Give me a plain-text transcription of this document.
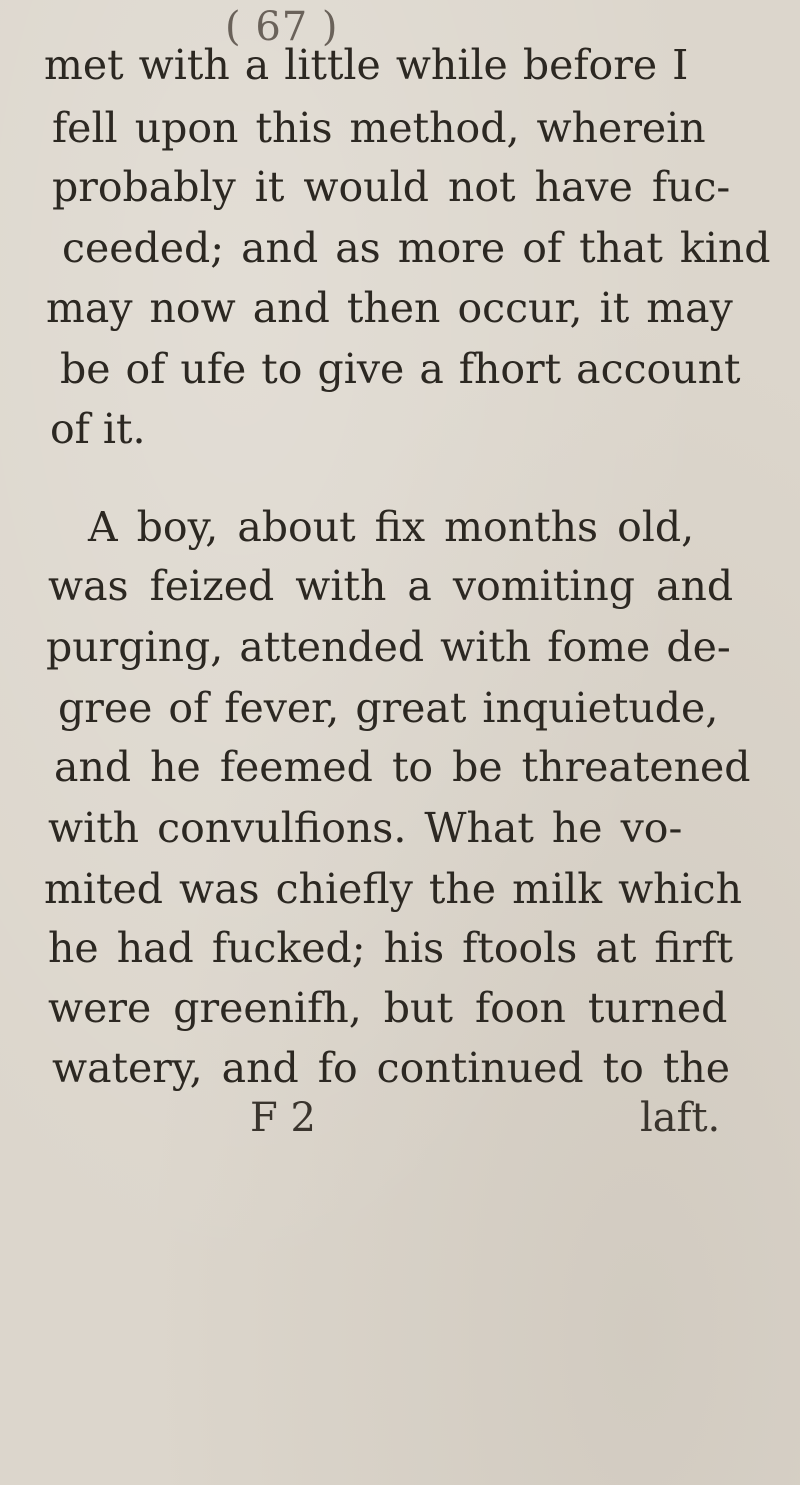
( 67 )
met with a little while before I
fell upon this method, wherein
probably it would not have fuc-
ceeded; and as more of that kind
may now and then occur, it may
be of ufe to give a fhort account
of it.
A boy, about fix months old,
was feized with a vomiting and
purging, attended with fome de-
gree of fever, great inquietude,
and he feemed to be threatened
with convulfions. What he vo-
mited was chiefly the milk which
he had fucked; his ftools at firft
were greenifh, but foon turned
watery, and fo continued to the
F 2	laft.
